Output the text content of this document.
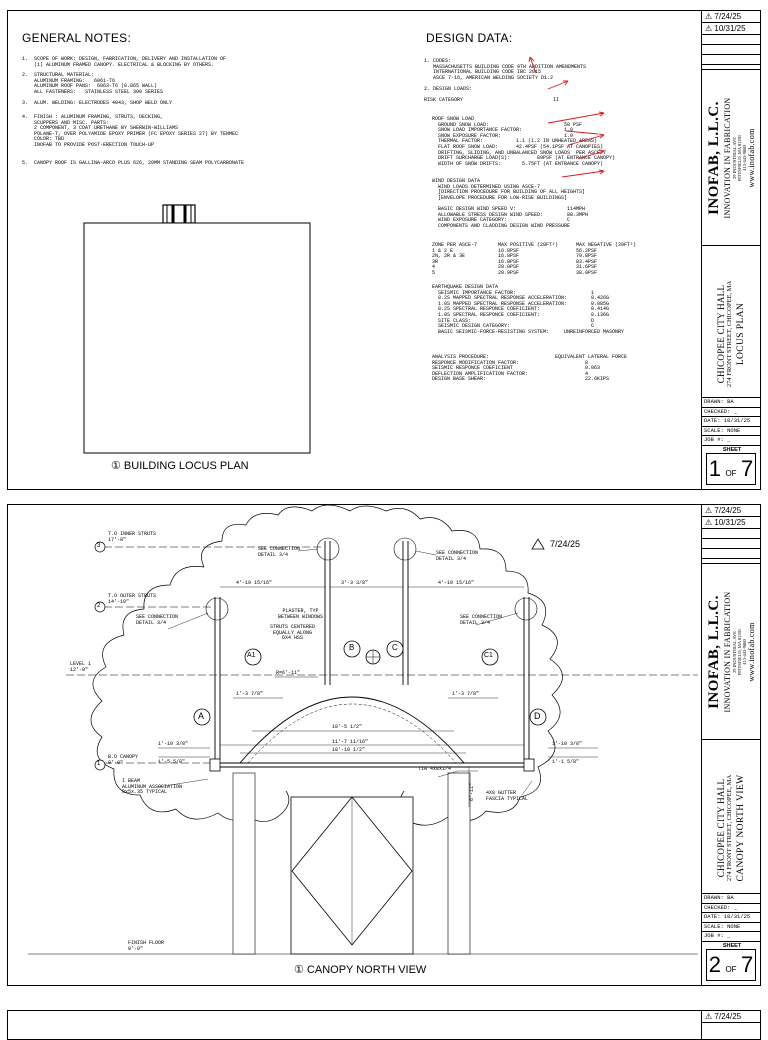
GENERAL NOTES:
1.  SCOPE OF WORK: DESIGN, FABRICATION, DELIVERY AND INSTALLATION OF
(1) ALUMINUM FRAMED CANOPY. ELECTRICAL & BLOCKING BY OTHERS.
2.  STRUCTURAL MATERIAL:
ALUMINUM FRAMING:   6061-T6
ALUMINUM ROOF PANS:  6063-T6 (0.065 WALL)
ALL FASTENERS:   STAINLESS STEEL 300 SERIES
3.  ALUM. WELDING: ELECTRODES 4043, SHOP WELD ONLY
4.  FINISH : ALUMINUM FRAMING, STRUTS, DECKING,
SCUPPERS AND MISC. PARTS:
2 COMPONENT, 3 COAT URETHANE BY SHERWIN-WILLIAMS
POLANE-T, OVER POLYAMIDE EPOXY PRIMER (FC EPOXY SERIES 27) BY TENMEC
COLOR: TBD
INOFAB TO PROVIDE POST-ERECTION TOUCH-UP
5.  CANOPY ROOF IS GALLINA-ARCO PLUS 626, 20MM STANDING SEAM POLYCARBONATE
① BUILDING LOCUS PLAN
DESIGN DATA:
1. CODES:
MASSACHUSETTS BUILDING CODE 9TH ADDITION AMENDMENTS
INTERNATIONAL BUILDING CODE IBC 2015
ASCE 7-16, AMERICAN WELDING SOCIETY D1.2

2. DESIGN LOADS:

RISK CATEGORY                              II
ROOF SNOW LOAD
GROUND SNOW LOAD:                         50 PSF
SNOW LOAD IMPORTANCE FACTOR:              1.0
SNOW EXPOSURE FACTOR:                     1.0
THERMAL FACTOR:           1.1 (1.2 IN UNHEATED AREAS)
FLAT ROOF SNOW LOAD:      42.4PSF (54.1PSF AT CANOPIES)
DRIFTING, SLIDING, AND UNBALANCED SNOW LOADS  PER ASCE-7
DRIFT SURCHARGE LOAD(S):         89PSF (AT ENTRANCE CANOPY)
WIDTH OF SNOW DRIFTS:       5.75FT (AT ENTRANCE CANOPY)
WIND DESIGN DATA
WIND LOADS DETERMINED USING ASCE-7
[DIRECTION PROCEDURE FOR BUILDING OF ALL HEIGHTS]
[ENVELOPE PROCEDURE FOR LOW-RISE BUILDINGS]

BASIC DESIGN WIND SPEED V:                 114MPH
ALLOWABLE STRESS DESIGN WIND SPEED:        88.3MPH
WIND EXPOSURE CATEGORY:                    C
COMPONENTS AND CLADDING DESIGN WIND PRESSURE
ZONE PER ASCE-7       MAX POSITIVE (20FT²)      MAX NEGATIVE (20FT²)
1 & 2 E               16.8PSF                   56.2PSF
2N, 2R & 3E           16.8PSF                   70.8PSF
3R                    16.8PSF                   83.4PSF
4                     28.0PSF                   31.6PSF
5                     28.0PSF                   38.0PSF
EARTHQUAKE DESIGN DATA
SEISMIC IMPORTANCE FACTOR:                         1
0.2S MAPPED SPECTRAL RESPONSE ACCELERATION:        0.426G
1.0S MAPPED SPECTRAL RESPONSE ACCELERATION:        0.085G
0.2S SPECTRAL RESPONCE COEFICIENT:                 0.414G
1.0S SPECTRAL RESPONCE COEFICIENT:                 0.136G
SITE CLASS:                                        D
SEISMIC DESIGN CATEGORY:                           C
BASIC SEISMIC-FORCE-RESISTING SYSTEM:     UNREINFORCED MASONRY
ANALYSIS PROCEDURE:                      EQUIVALENT LATERAL FORCE
RESPONCE MODIFICATION FACTOR:                      8
SEISMIC RESPONCE COEFICIENT                        0.063
DEFLECTION AMPLIFICATION FACTOR:                   4
DESIGN BASE SHEAR:                                 22.6KIPS
⚠ 7/24/25
⚠ 10/31/25
INOFAB, L.L.C. INNOVATION IN FABRICATION 29 INDUSTRIAL AVE PITTSFIELD, MA 01201 413-443-9880 www.inofab.com
CHICOPEE CITY HALL 274 FRONT STREET, CHICOPEE, MA LOCUS PLAN
DRAWN: BA
CHECKED: _
DATE: 10/31/25
SCALE: NONE
JOB #: _
SHEET
1 OF 7
A
A1
B	C
C1
D
3
2
1
T.O INNER STRUTS
17'-8"
T.O OUTER STRUTS
14'-10"
LEVEL 1
12'-0"
B.O CANOPY
8'-0"
FINISH FLOOR
0'-0"
SEE CONNECTION
DETAIL 3/4	SEE CONNECTION
DETAIL 3/4
SEE CONNECTION
DETAIL 3/4
SEE CONNECTION
DETAIL 3/4
PLASTER, TYP
BETWEEN WINDOWS
STRUTS CENTERED
EQUALLY ALONG
6X4 HSS
I BEAM
ALUMINUM ASSOCIATION
8x5x.35 TYPICAL
TIA 4x8x1/4
4X8 GUTTER
FASCIA TYPICAL
7/24/25
4'-10 15/16"	3'-3 3/8"	4'-10 15/16"
R=6'-11"
1'-3 7/8"	1'-3 7/8"
10'-5 1/2"
11'-7 11/16"
10'-10 1/2"
1'-10 3/8"
1'-5 5/8"
1'-10 3/8"
1'-1 5/8"
6'-11"
① CANOPY NORTH VIEW
⚠ 7/24/25
⚠ 10/31/25
INOFAB, L.L.C. INNOVATION IN FABRICATION 29 INDUSTRIAL AVE PITTSFIELD, MA 01201 413-443-9880 www.inofab.com
CHICOPEE CITY HALL 274 FRONT STREET, CHICOPEE, MA CANOPY NORTH VIEW
DRAWN: BA
CHECKED: _
DATE: 10/31/25
SCALE: NONE
JOB #: _
SHEET
2 OF 7
⚠ 7/24/25
